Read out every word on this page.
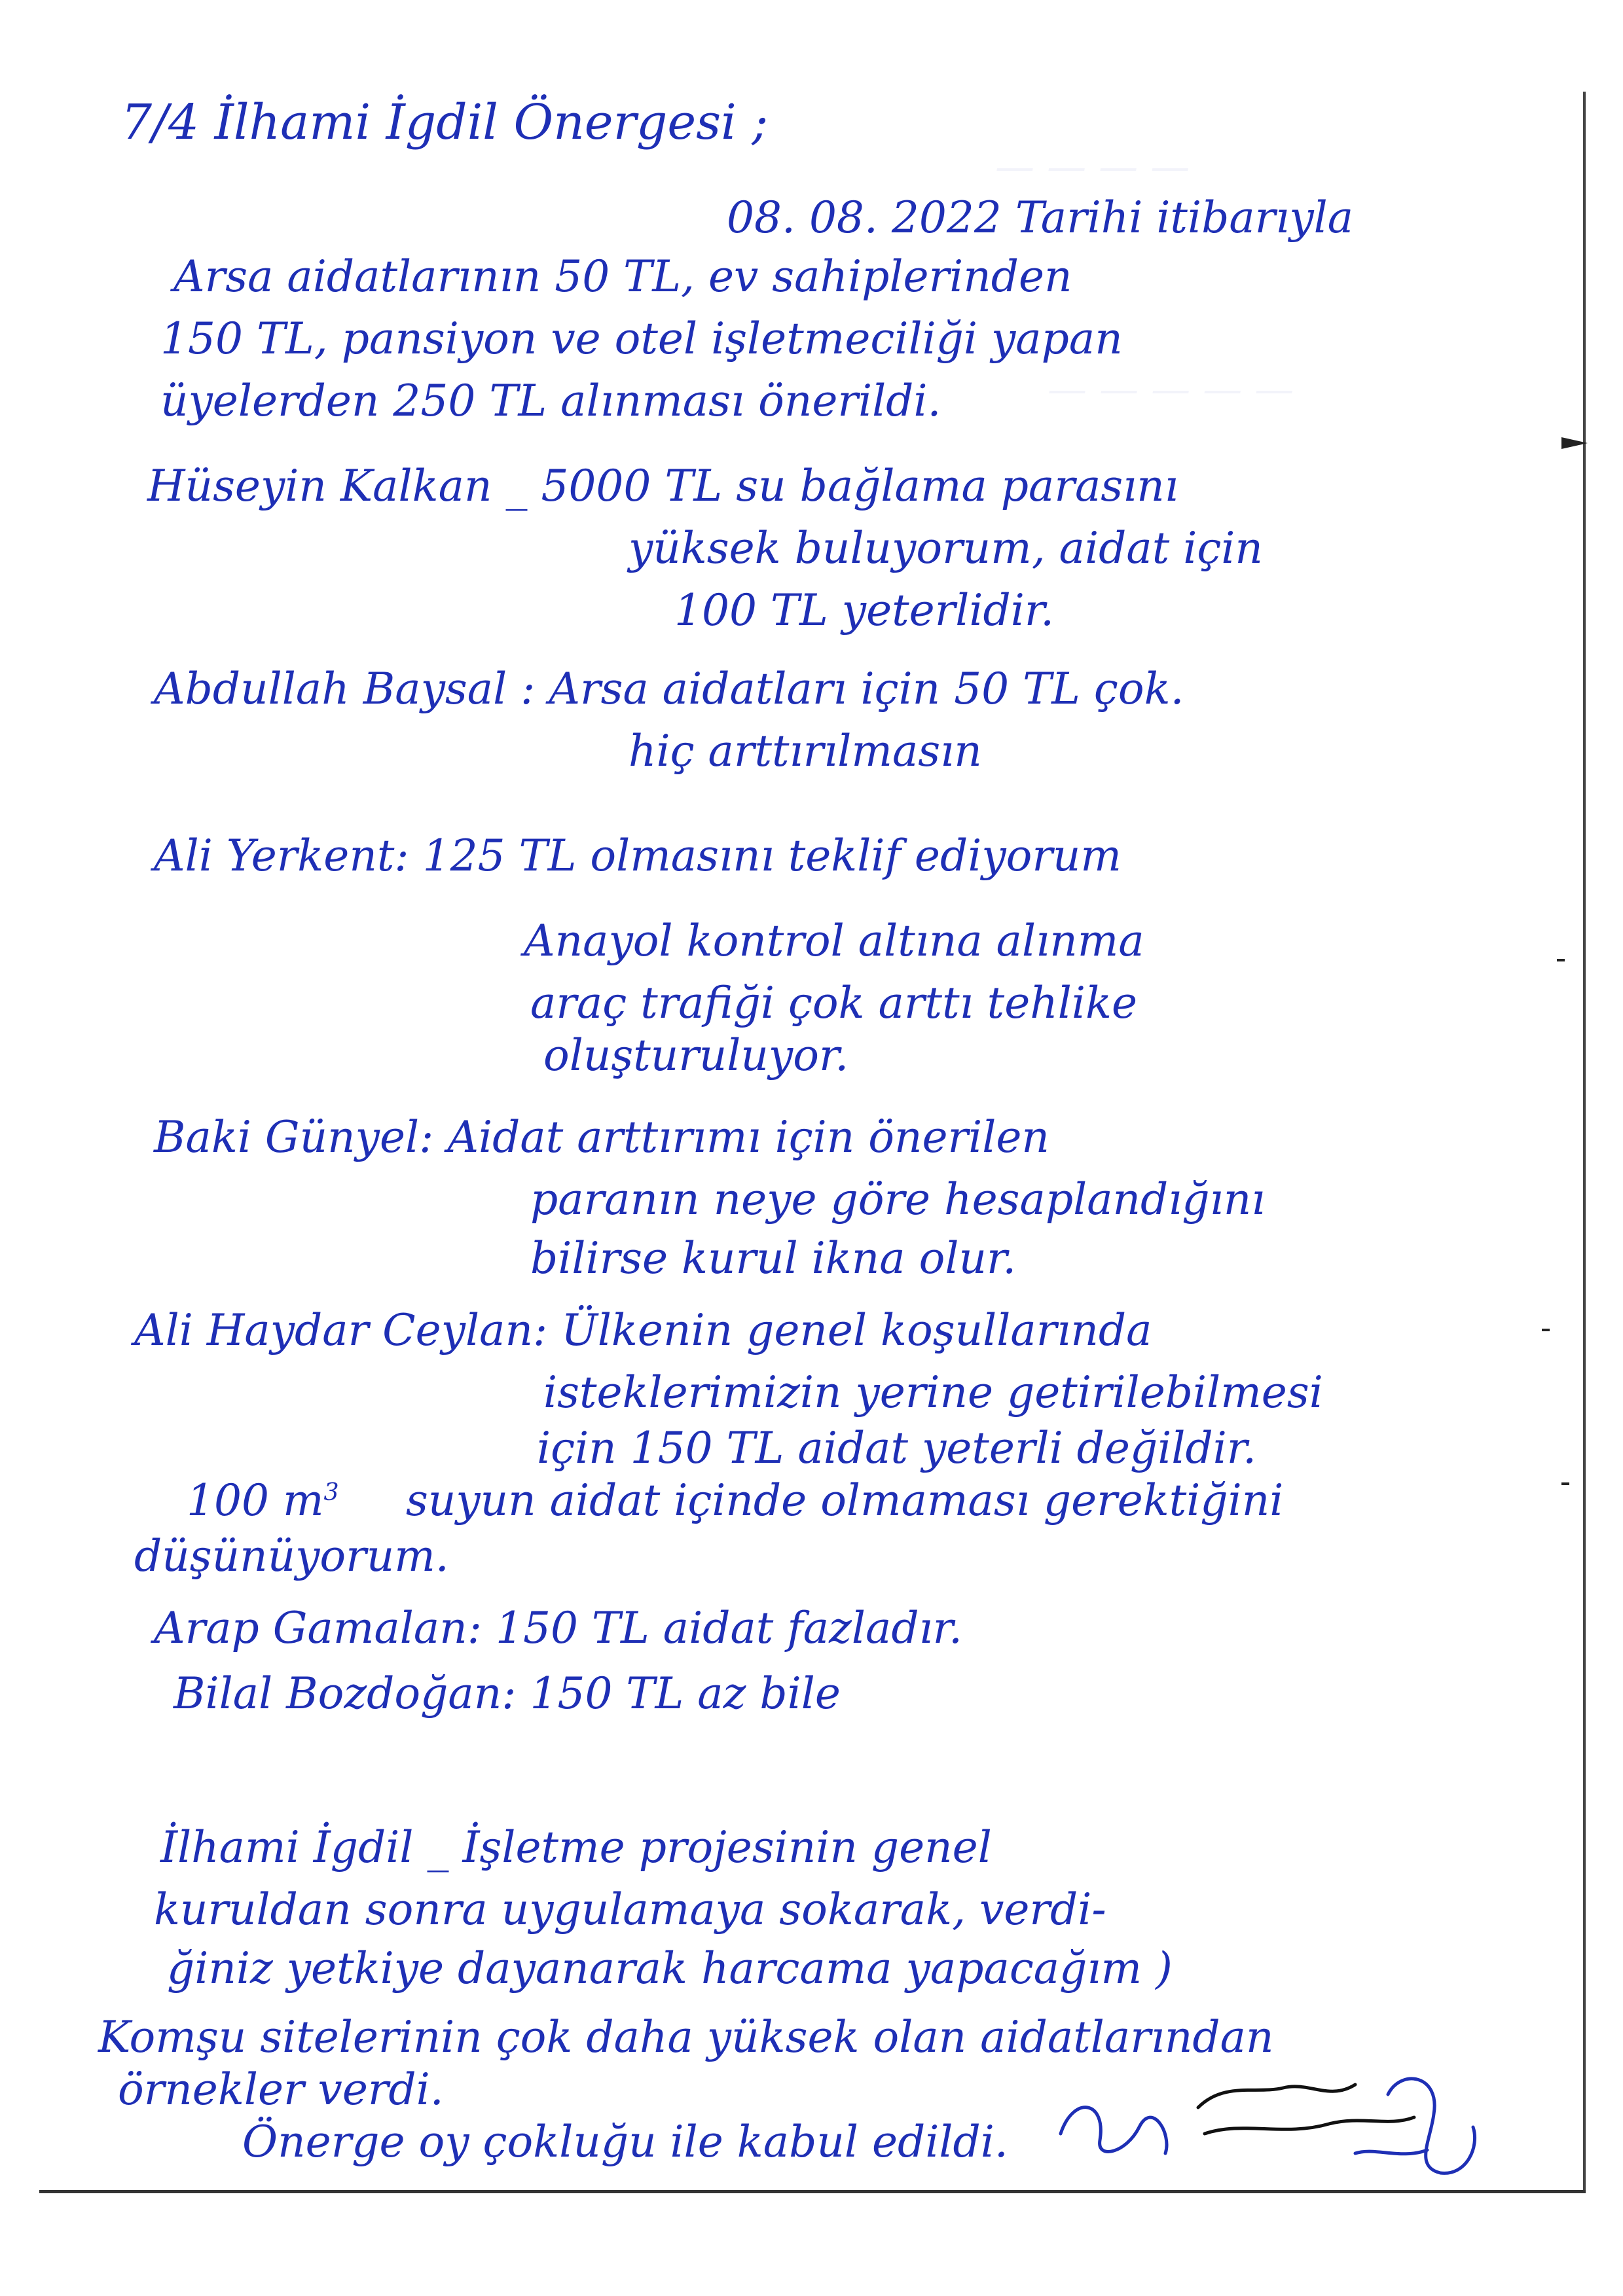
— — — —
— — — — —
7/4 İlhami İgdil Önergesi ;
08. 08. 2022 Tarihi itibarıyla
Arsa aidatlarının 50 TL, ev sahiplerinden
150 TL, pansiyon ve otel işletmeciliği yapan
üyelerden 250 TL alınması önerildi.
Hüseyin Kalkan _ 5000 TL su bağlama parasını
yüksek buluyorum, aidat için
100 TL yeterlidir.
Abdullah Baysal : Arsa aidatları için 50 TL çok.
hiç arttırılmasın
Ali Yerkent: 125 TL olmasını teklif ediyorum
Anayol kontrol altına alınma
araç trafiği çok arttı tehlike
oluşturuluyor.
Baki Günyel: Aidat arttırımı için önerilen
paranın neye göre hesaplandığını
bilirse kurul ikna olur.
Ali Haydar Ceylan: Ülkenin genel koşullarında
isteklerimizin yerine getirilebilmesi
için 150 TL aidat yeterli değildir.
100 $m^3$ suyun aidat içinde olmaması gerektiğini
düşünüyorum.
Arap Gamalan: 150 TL aidat fazladır.
Bilal Bozdoğan: 150 TL az bile
İlhami İgdil _ İşletme projesinin genel
kuruldan sonra uygulamaya sokarak, verdi-
ğiniz yetkiye dayanarak harcama yapacağım )
Komşu sitelerinin çok daha yüksek olan aidatlarından
örnekler verdi.
Önerge oy çokluğu ile kabul edildi.
